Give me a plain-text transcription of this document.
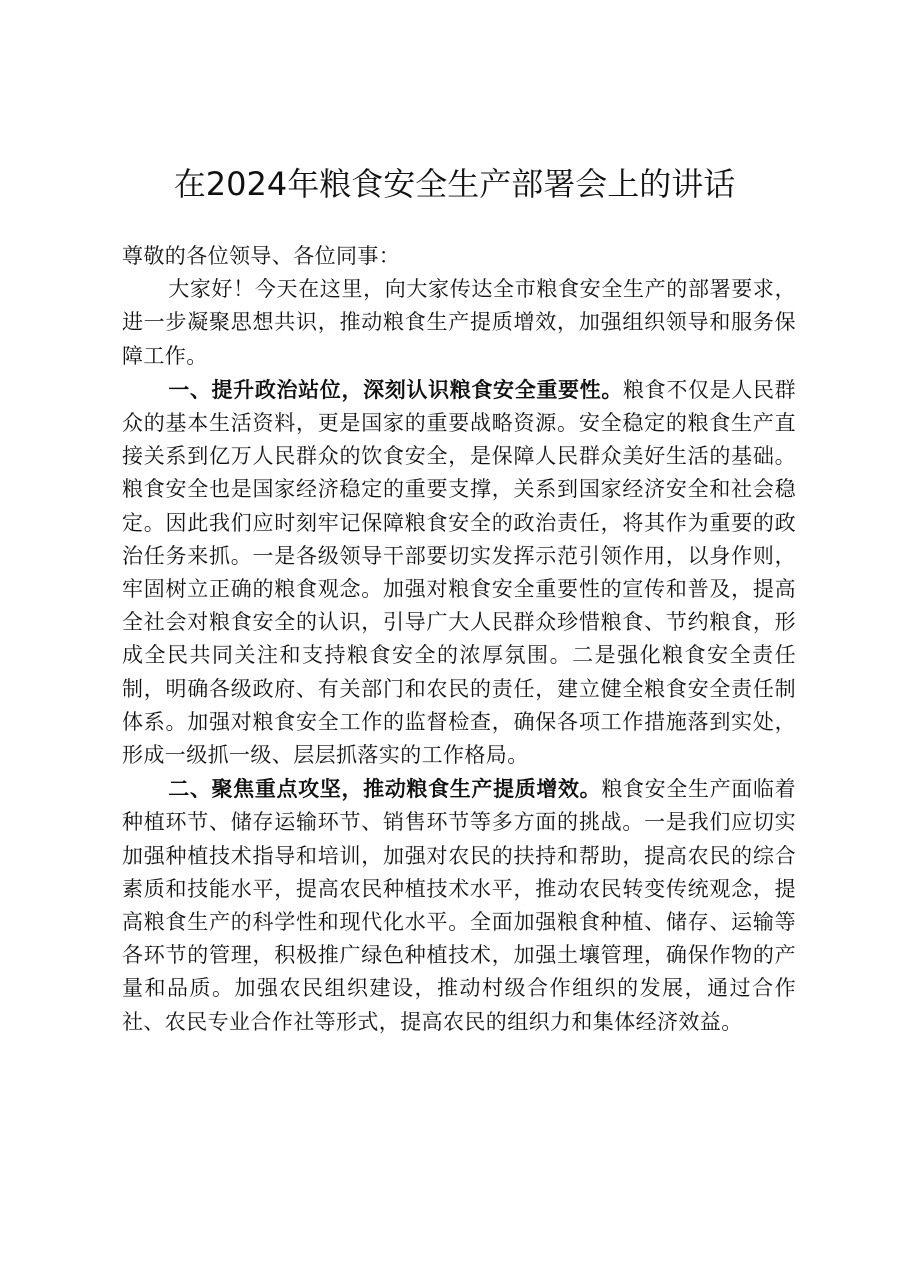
在2024年粮食安全生产部署会上的讲话

尊敬的各位领导、各位同事：

大家好！今天在这里，向大家传达全市粮食安全生产的部署要求，进一步凝聚思想共识，推动粮食生产提质增效，加强组织领导和服务保障工作。

一、提升政治站位，深刻认识粮食安全重要性。粮食不仅是人民群众的基本生活资料，更是国家的重要战略资源。安全稳定的粮食生产直接关系到亿万人民群众的饮食安全，是保障人民群众美好生活的基础。粮食安全也是国家经济稳定的重要支撑，关系到国家经济安全和社会稳定。因此我们应时刻牢记保障粮食安全的政治责任，将其作为重要的政治任务来抓。一是各级领导干部要切实发挥示范引领作用，以身作则，牢固树立正确的粮食观念。加强对粮食安全重要性的宣传和普及，提高全社会对粮食安全的认识，引导广大人民群众珍惜粮食、节约粮食，形成全民共同关注和支持粮食安全的浓厚氛围。二是强化粮食安全责任制，明确各级政府、有关部门和农民的责任，建立健全粮食安全责任制体系。加强对粮食安全工作的监督检查，确保各项工作措施落到实处，形成一级抓一级、层层抓落实的工作格局。

二、聚焦重点攻坚，推动粮食生产提质增效。粮食安全生产面临着种植环节、储存运输环节、销售环节等多方面的挑战。一是我们应切实加强种植技术指导和培训，加强对农民的扶持和帮助，提高农民的综合素质和技能水平，提高农民种植技术水平，推动农民转变传统观念，提高粮食生产的科学性和现代化水平。全面加强粮食种植、储存、运输等各环节的管理，积极推广绿色种植技术，加强土壤管理，确保作物的产量和品质。加强农民组织建设，推动村级合作组织的发展，通过合作社、农民专业合作社等形式，提高农民的组织力和集体经济效益。
